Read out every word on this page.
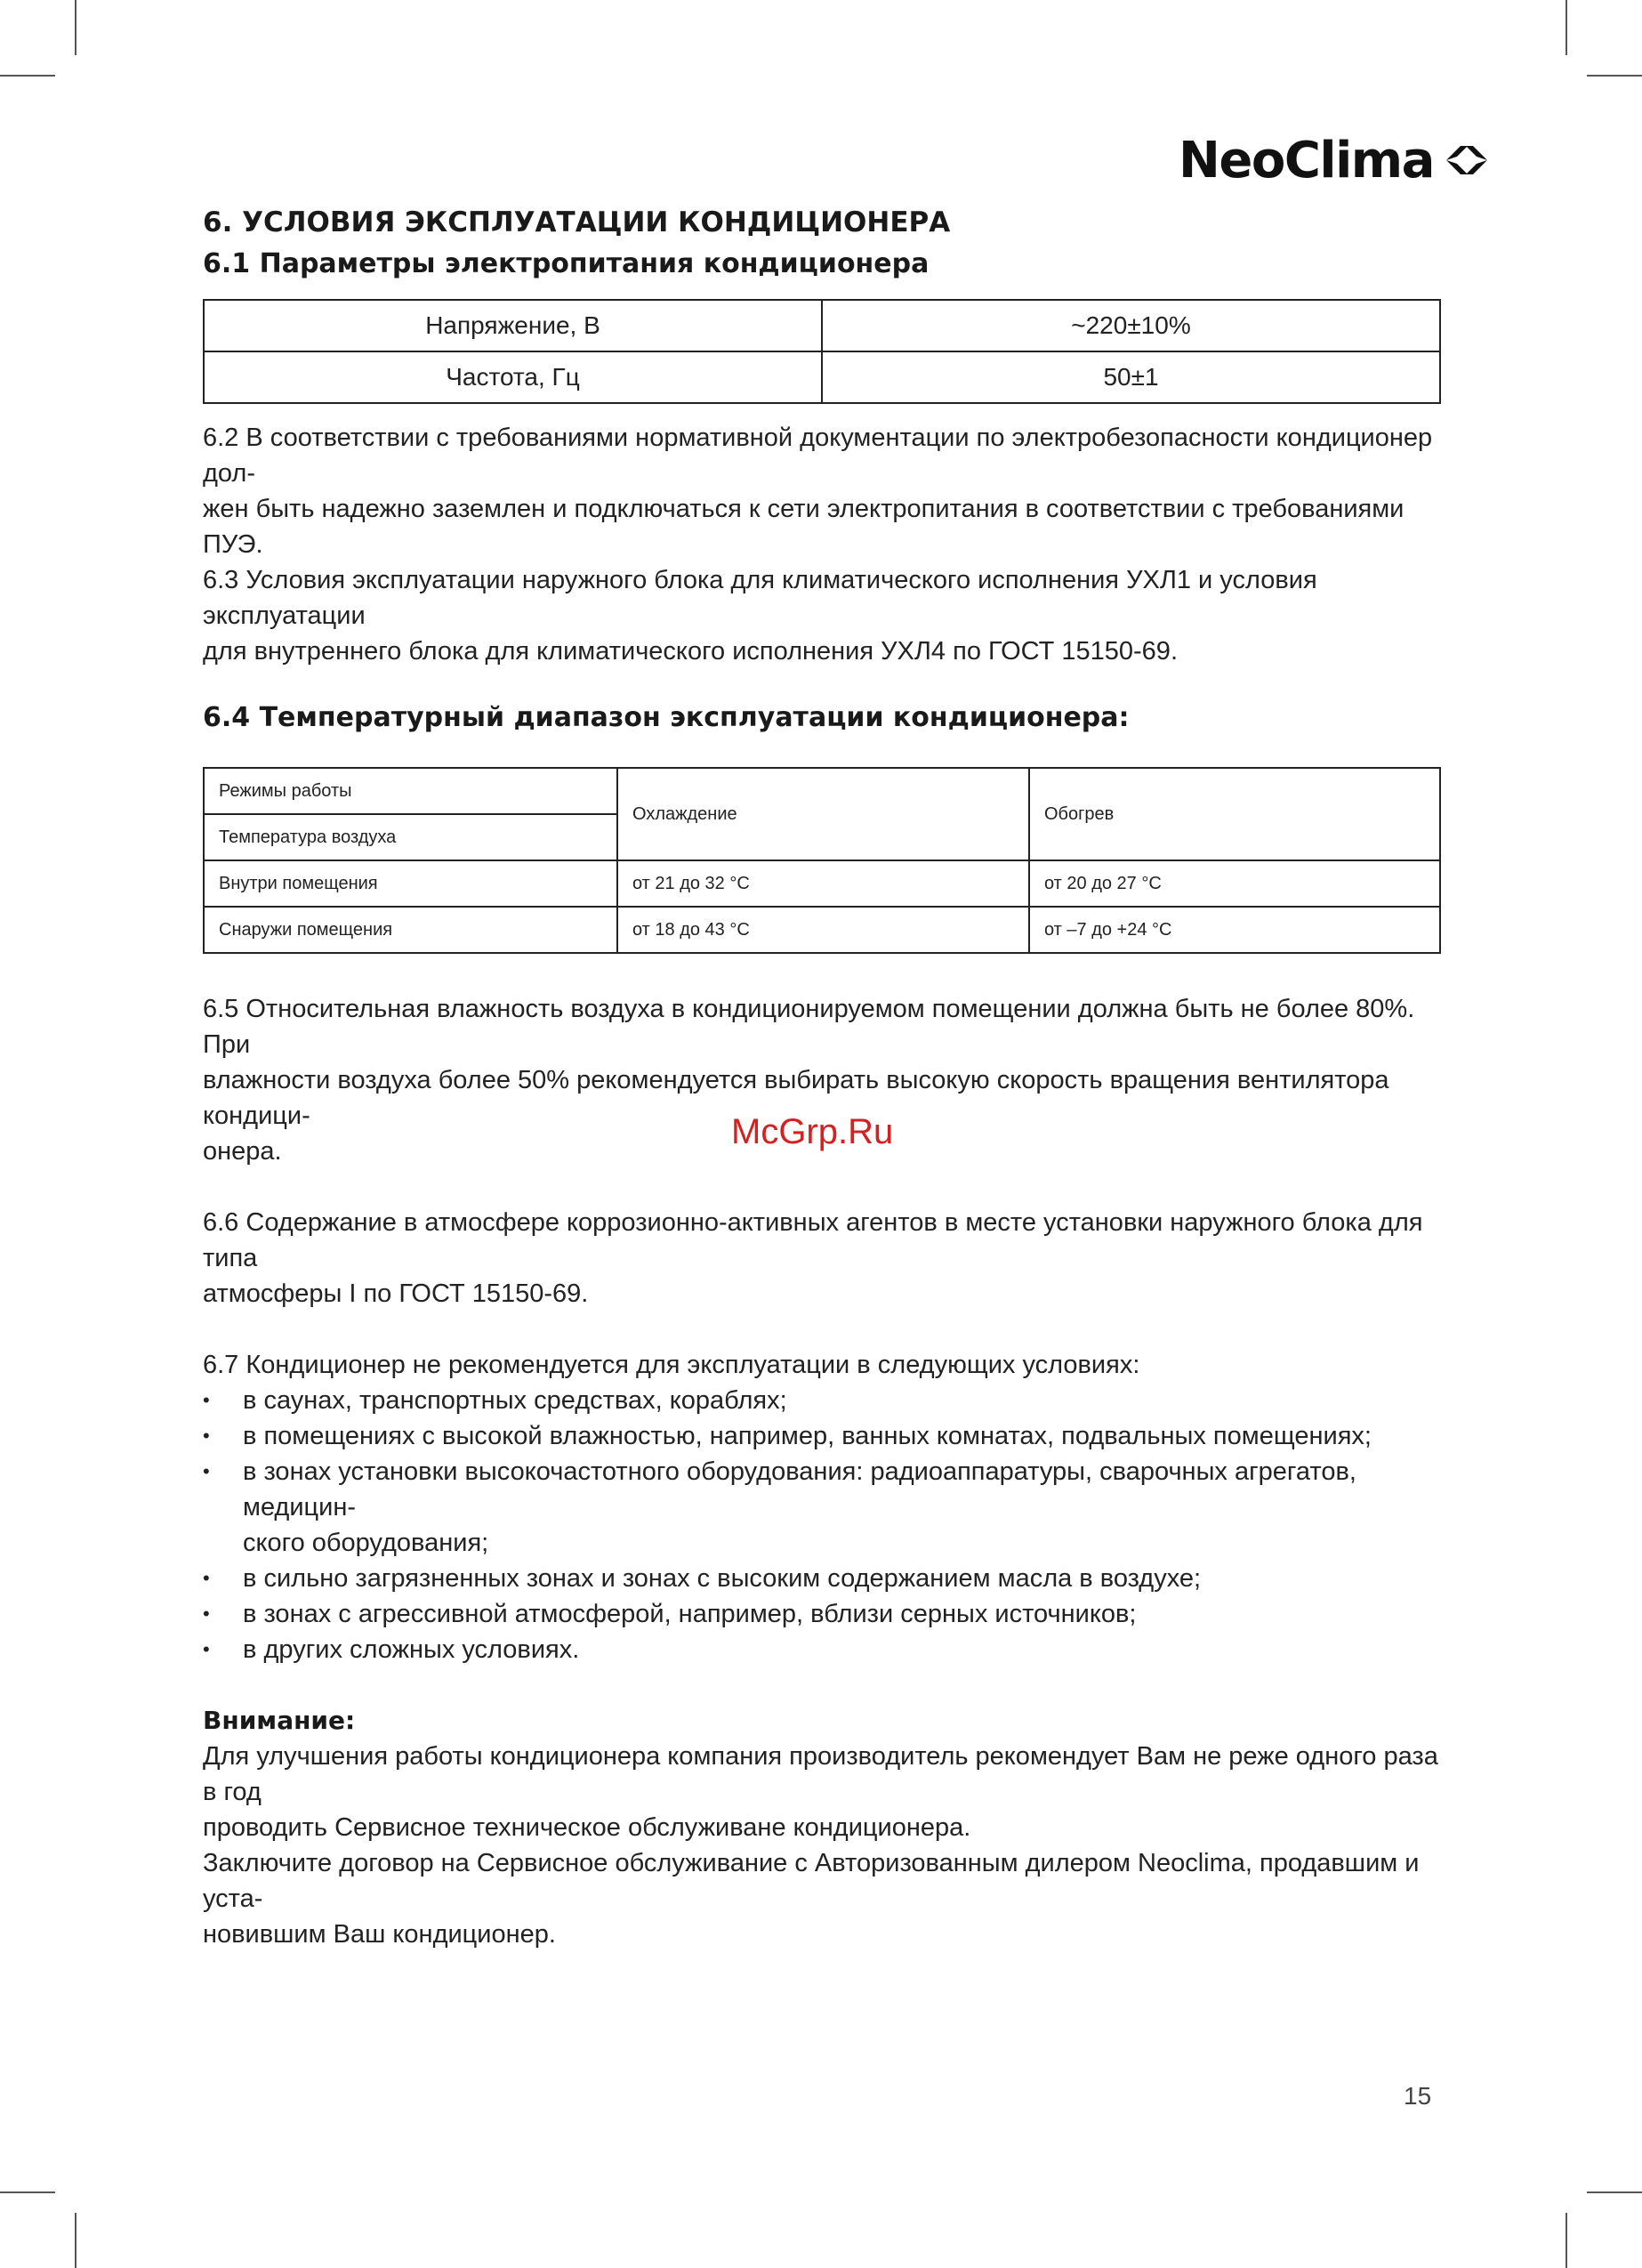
NeoClima
6. УСЛОВИЯ ЭКСПЛУАТАЦИИ КОНДИЦИОНЕРА
6.1 Параметры электропитания кондиционера
Напряжение, В	~220±10%
Частота, Гц	50±1

6.2 В соответствии с требованиями нормативной документации по электробезопасности кондиционер дол-

жен быть надежно заземлен и подключаться к сети электропитания в соответствии с требованиями ПУЭ.

6.3 Условия эксплуатации наружного блока для климатического исполнения УХЛ1 и условия эксплуатации

для внутреннего блока для климатического исполнения УХЛ4 по ГОСТ 15150-69.

6.4 Температурный диапазон эксплуатации кондиционера:
Режимы работы	Охлаждение	Обогрев
Температура воздуха		
Внутри помещения	от 21 до 32 °С	от 20 до 27 °С
Снаружи помещения	от 18 до 43 °С	от –7 до +24 °С

6.5 Относительная влажность воздуха в кондиционируемом помещении должна быть не более 80%. При

влажности воздуха более 50% рекомендуется выбирать высокую скорость вращения вентилятора кондици-

онера.

6.6 Содержание в атмосфере коррозионно-активных агентов в месте установки наружного блока для типа

атмосферы I по ГОСТ 15150-69.

6.7 Кондиционер не рекомендуется для эксплуатации в следующих условиях:

• в саунах, транспортных средствах, кораблях;
• в помещениях с высокой влажностью, например, ванных комнатах, подвальных помещениях;
• в зонах установки высокочастотного оборудования: радиоаппаратуры, сварочных агрегатов, медицин-
ского оборудования;
• в сильно загрязненных зонах и зонах с высоким содержанием масла в воздухе;
• в зонах с агрессивной атмосферой, например, вблизи серных источников;
• в других сложных условиях.
Внимание:

Для улучшения работы кондиционера компания производитель рекомендует Вам не реже одного раза в год

проводить Сервисное техническое обслуживане кондиционера.

Заключите договор на Сервисное обслуживание с Авторизованным дилером Neoclima, продавшим и уста-

новившим Ваш кондиционер.

McGrp.Ru
15
